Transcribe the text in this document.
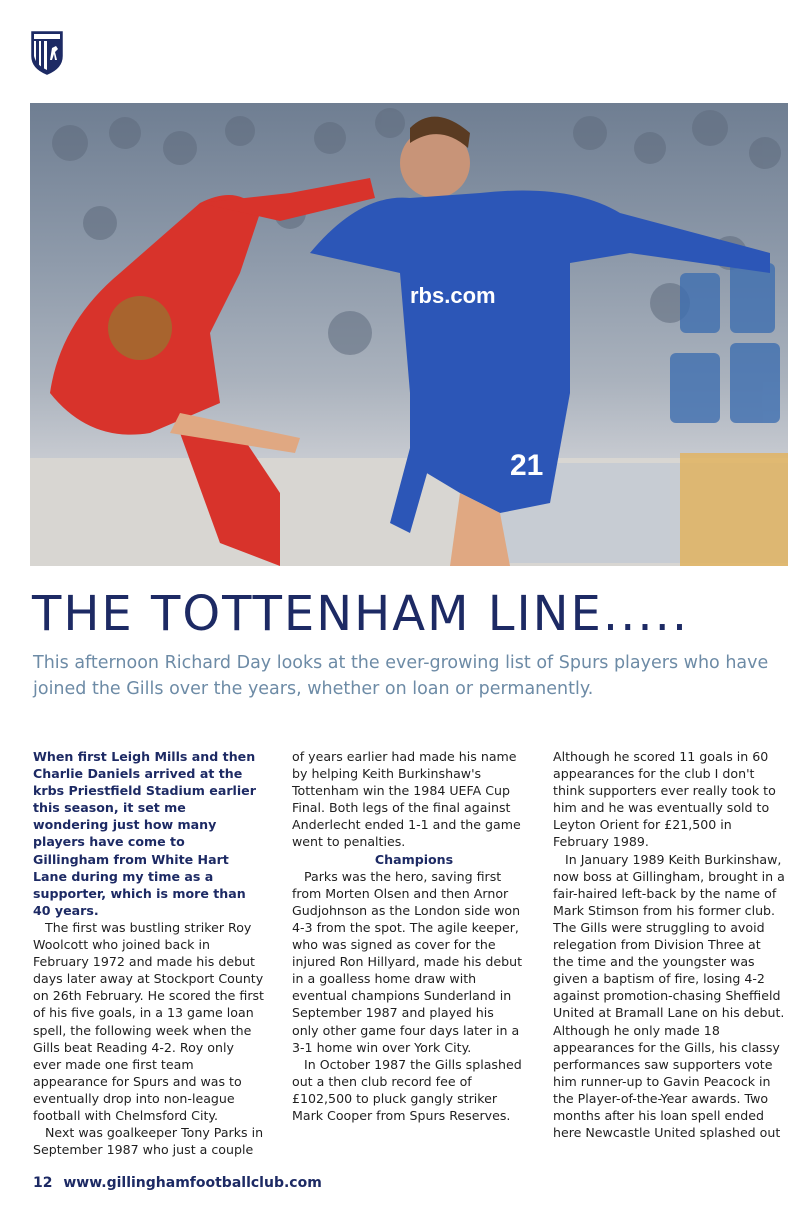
rbs.com
21
THE TOTTENHAM LINE.....

This afternoon Richard Day looks at the ever-growing list of Spurs players who have joined the Gills over the years, whether on loan or permanently.

When first Leigh Mills and then Charlie Daniels arrived at the krbs Priestfield Stadium earlier this season, it set me wondering just how many players have come to Gillingham from White Hart Lane during my time as a supporter, which is more than 40 years.

The first was bustling striker Roy Woolcott who joined back in February 1972 and made his debut days later away at Stockport County on 26th February. He scored the first of his five goals, in a 13 game loan spell, the following week when the Gills beat Reading 4-2. Roy only ever made one first team appearance for Spurs and was to eventually drop into non-league football with Chelmsford City.

Next was goalkeeper Tony Parks in September 1987 who just a couple

of years earlier had made his name by helping Keith Burkinshaw's Tottenham win the 1984 UEFA Cup Final. Both legs of the final against Anderlecht ended 1-1 and the game went to penalties.

Champions

Parks was the hero, saving first from Morten Olsen and then Arnor Gudjohnson as the London side won 4-3 from the spot. The agile keeper, who was signed as cover for the injured Ron Hillyard, made his debut in a goalless home draw with eventual champions Sunderland in September 1987 and played his only other game four days later in a 3-1 home win over York City.

In October 1987 the Gills splashed out a then club record fee of £102,500 to pluck gangly striker Mark Cooper from Spurs Reserves.

Although he scored 11 goals in 60 appearances for the club I don't think supporters ever really took to him and he was eventually sold to Leyton Orient for £21,500 in February 1989.

In January 1989 Keith Burkinshaw, now boss at Gillingham, brought in a fair-haired left-back by the name of Mark Stimson from his former club. The Gills were struggling to avoid relegation from Division Three at the time and the youngster was given a baptism of fire, losing 4-2 against promotion-chasing Sheffield United at Bramall Lane on his debut. Although he only made 18 appearances for the Gills, his classy performances saw supporters vote him runner-up to Gavin Peacock in the Player-of-the-Year awards. Two months after his loan spell ended here Newcastle United splashed out

12 www.gillinghamfootballclub.com
